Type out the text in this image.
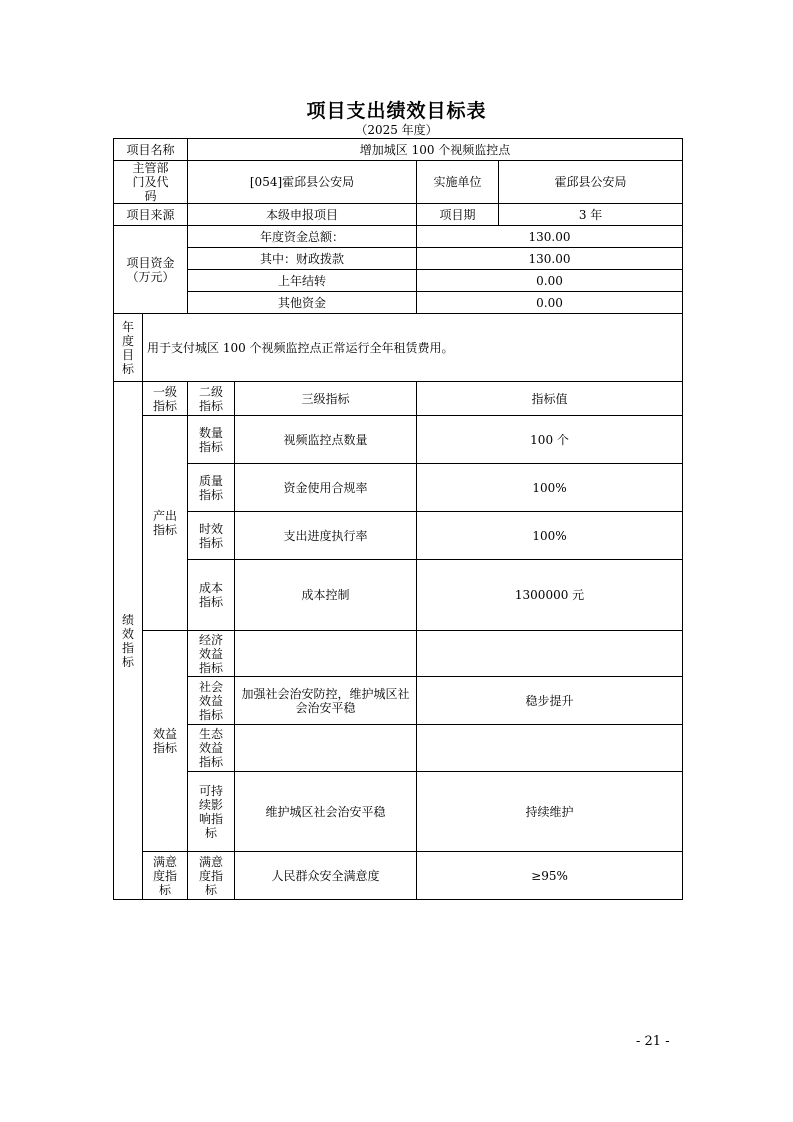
项目支出绩效目标表
（2025 年度）
项目名称		增加城区 100 个视频监控点			
主管部门及代码		[054]霍邱县公安局		实施单位	霍邱县公安局
项目来源		本级申报项目		项目期	3 年
项目资金（万元）		年度资金总额：		130.00	
		其中：财政拨款		130.00	
		上年结转		0.00	
		其他资金		0.00	
年度目标	用于支付城区 100 个视频监控点正常运行全年租赁费用。				
绩效指标	一级指标	二级指标	三级指标	指标值	
	产出指标	数量指标	视频监控点数量	100 个	
		质量指标	资金使用合规率	100%	
		时效指标	支出进度执行率	100%	
		成本指标	成本控制	1300000 元	
	效益指标	经济效益指标			
		社会效益指标	加强社会治安防控，维护城区社会治安平稳	稳步提升	
		生态效益指标			
		可持续影响指标	维护城区社会治安平稳	持续维护	
	满意度指标	满意度指标	人民群众安全满意度	≥95%	
- 21 -
